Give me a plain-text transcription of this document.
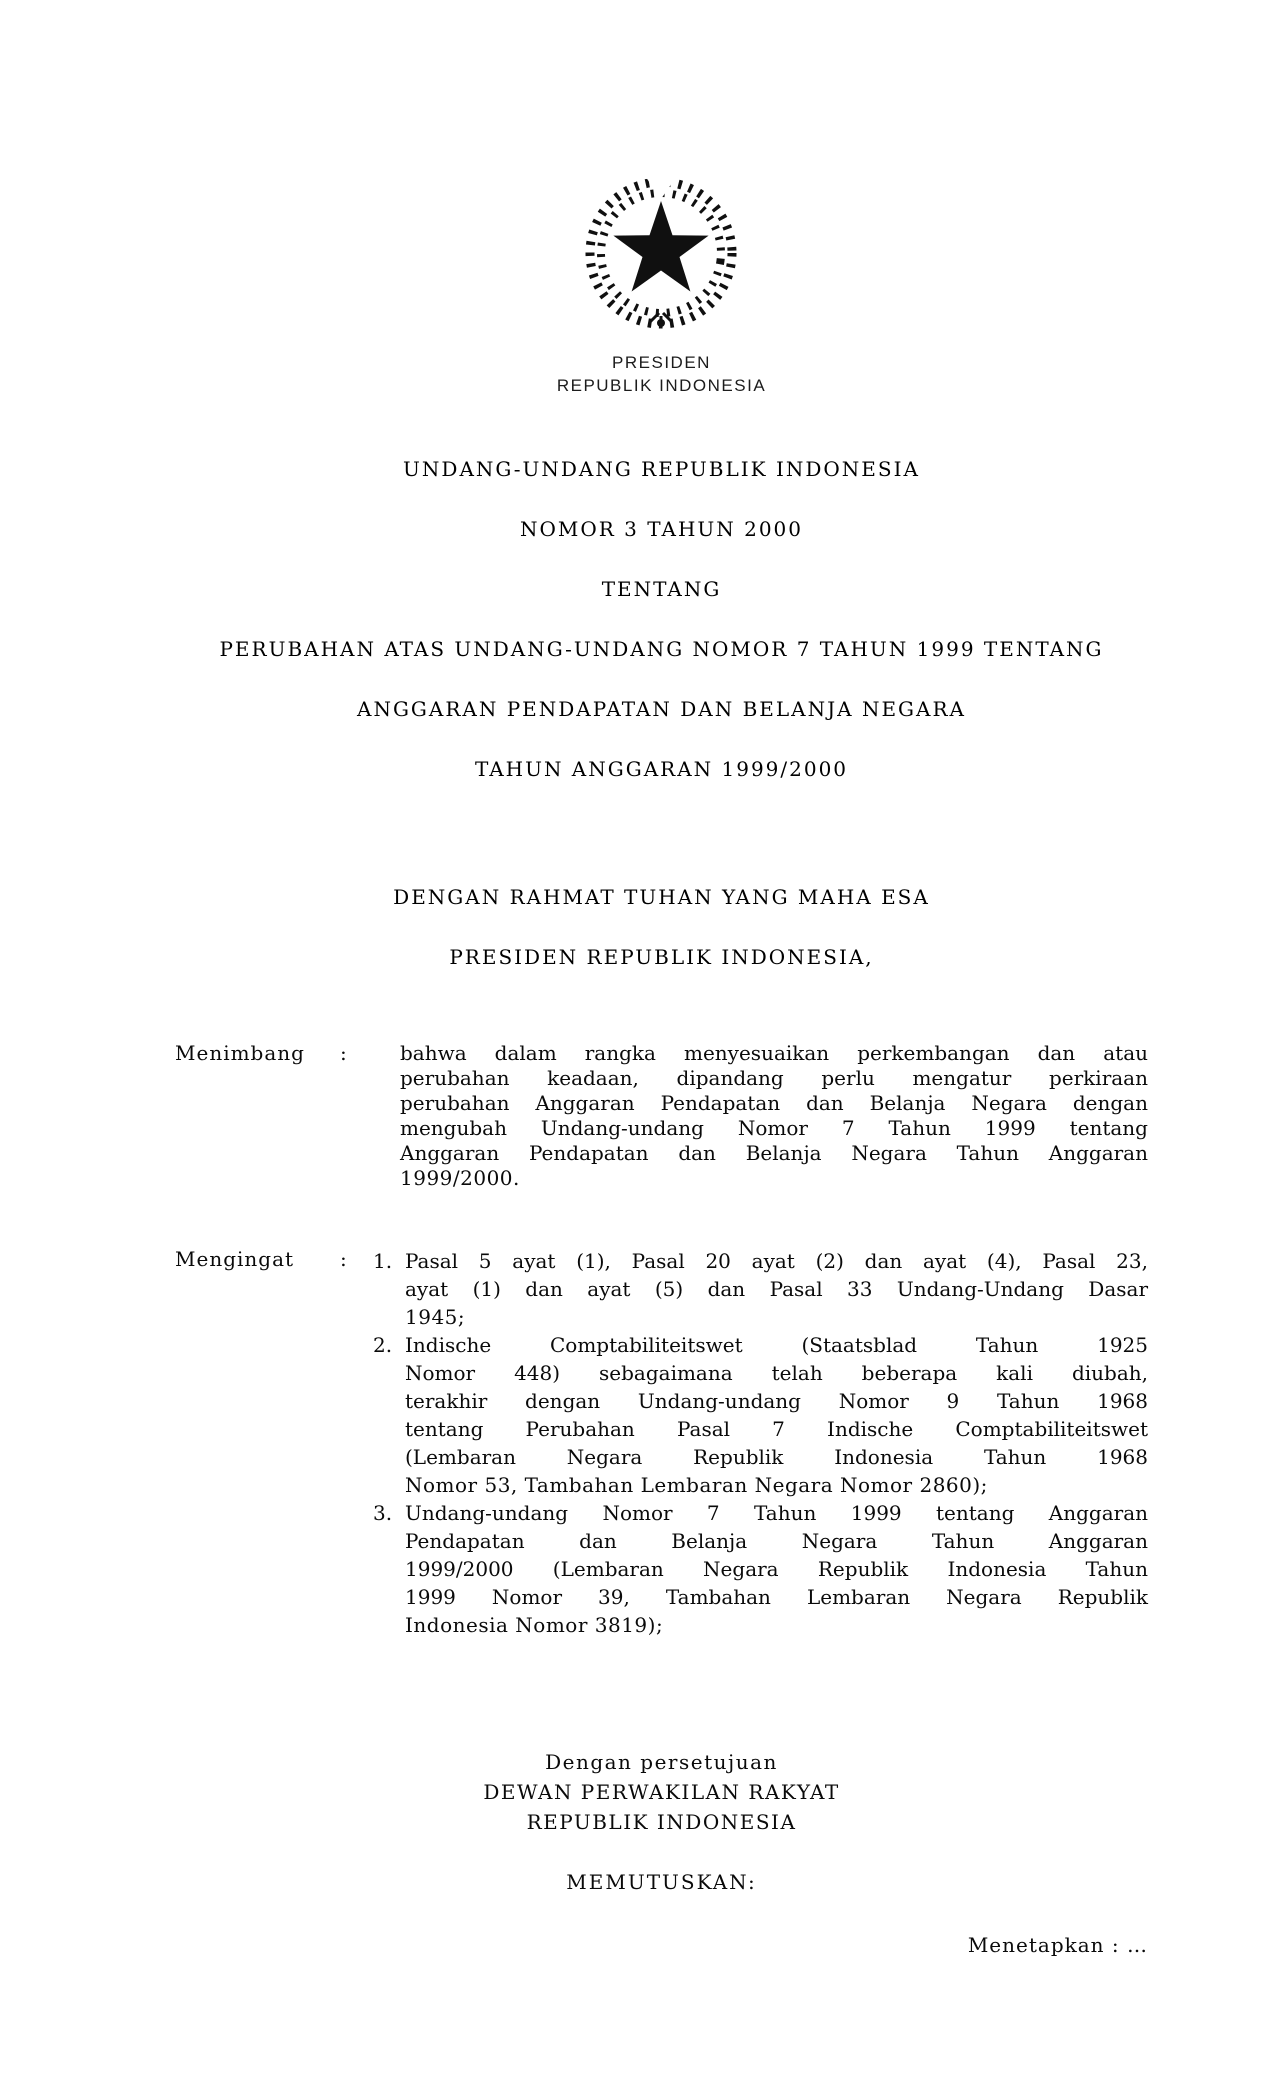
PRESIDEN
REPUBLIK INDONESIA
UNDANG-UNDANG REPUBLIK INDONESIA
NOMOR 3 TAHUN 2000
TENTANG
PERUBAHAN ATAS UNDANG-UNDANG NOMOR 7 TAHUN 1999 TENTANG
ANGGARAN PENDAPATAN DAN BELANJA NEGARA
TAHUN ANGGARAN 1999/2000
DENGAN RAHMAT TUHAN YANG MAHA ESA
PRESIDEN REPUBLIK INDONESIA,
Menimbang	:	bahwa dalam rangka menyesuaikan perkembangan dan atau
perubahan keadaan, dipandang perlu mengatur perkiraan
perubahan Anggaran Pendapatan dan Belanja Negara dengan
mengubah Undang-undang Nomor 7 Tahun 1999 tentang
Anggaran Pendapatan dan Belanja Negara Tahun Anggaran
1999/2000.
Mengingat	:	1. Pasal 5 ayat (1), Pasal 20 ayat (2) dan ayat (4), Pasal 23,
ayat (1) dan ayat (5) dan Pasal 33 Undang-Undang Dasar
1945;
2. Indische Comptabiliteitswet (Staatsblad Tahun 1925
Nomor 448) sebagaimana telah beberapa kali diubah,
terakhir dengan Undang-undang Nomor 9 Tahun 1968
tentang Perubahan Pasal 7 Indische Comptabiliteitswet
(Lembaran Negara Republik Indonesia Tahun 1968
Nomor 53, Tambahan Lembaran Negara Nomor 2860);
3. Undang-undang Nomor 7 Tahun 1999 tentang Anggaran
Pendapatan dan Belanja Negara Tahun Anggaran
1999/2000 (Lembaran Negara Republik Indonesia Tahun
1999 Nomor 39, Tambahan Lembaran Negara Republik
Indonesia Nomor 3819);
Dengan persetujuan
DEWAN PERWAKILAN RAKYAT
REPUBLIK INDONESIA
MEMUTUSKAN:
Menetapkan : …
